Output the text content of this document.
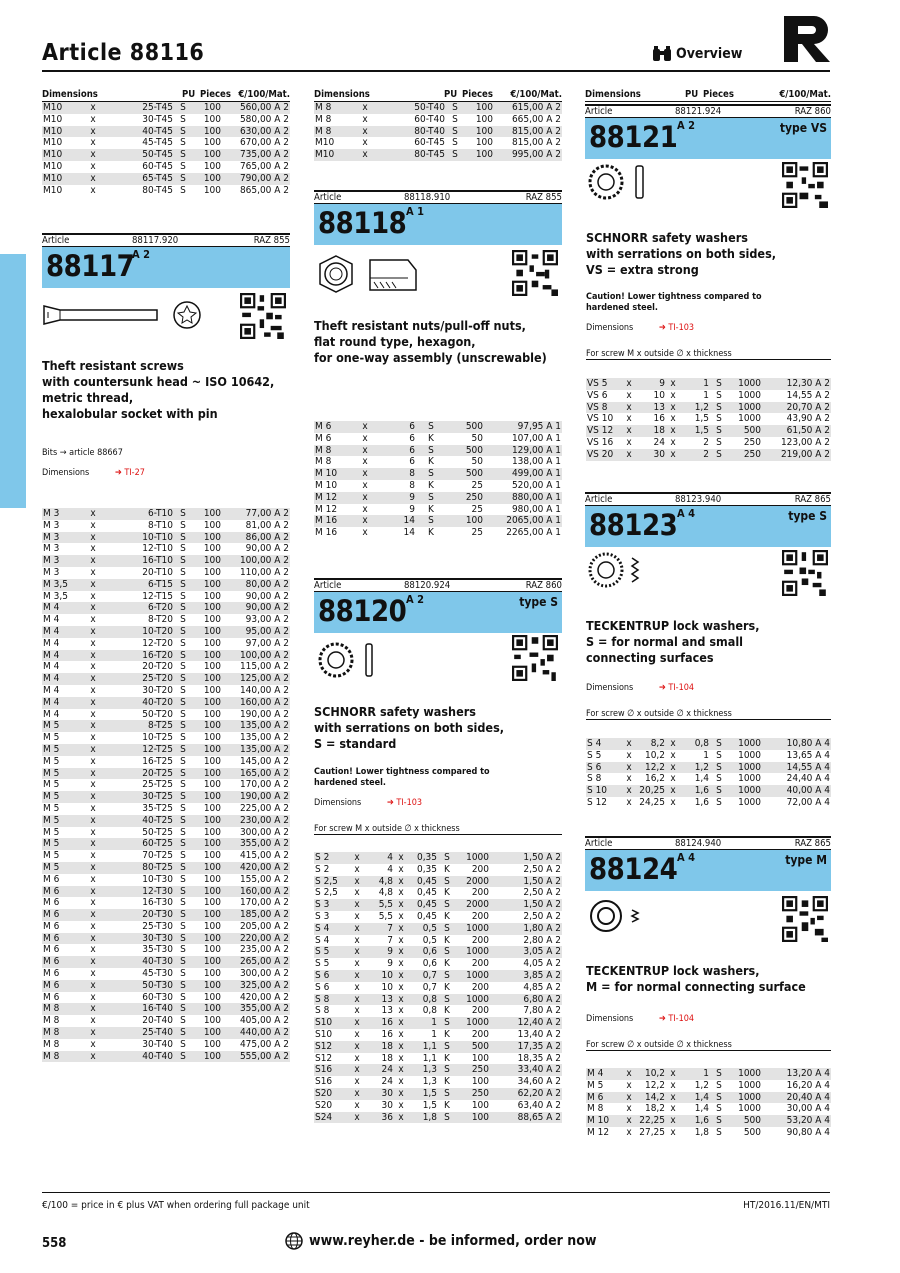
Article 88116	Overview
Dimensions	PU Pieces €/100/Mat.
M10	x	25-T45	S	100	560,00 A 2
M10	x	30-T45	S	100	580,00 A 2
M10	x	40-T45	S	100	630,00 A 2
M10	x	45-T45	S	100	670,00 A 2
M10	x	50-T45	S	100	735,00 A 2
M10	x	60-T45	S	100	765,00 A 2
M10	x	65-T45	S	100	790,00 A 2
M10	x	80-T45	S	100	865,00 A 2
Article	88117.920	RAZ 855
88117
A 2
Theft resistant screws
with countersunk head ~ ISO 10642,
metric thread,
hexalobular socket with pin
Bits → article 88667
Dimensions	➔ TI-27
M 3	x	6-T10	S	100	77,00 A 2
M 3	x	8-T10	S	100	81,00 A 2
M 3	x	10-T10	S	100	86,00 A 2
M 3	x	12-T10	S	100	90,00 A 2
M 3	x	16-T10	S	100	100,00 A 2
M 3	x	20-T10	S	100	110,00 A 2
M 3,5	x	6-T15	S	100	80,00 A 2
M 3,5	x	12-T15	S	100	90,00 A 2
M 4	x	6-T20	S	100	90,00 A 2
M 4	x	8-T20	S	100	93,00 A 2
M 4	x	10-T20	S	100	95,00 A 2
M 4	x	12-T20	S	100	97,00 A 2
M 4	x	16-T20	S	100	100,00 A 2
M 4	x	20-T20	S	100	115,00 A 2
M 4	x	25-T20	S	100	125,00 A 2
M 4	x	30-T20	S	100	140,00 A 2
M 4	x	40-T20	S	100	160,00 A 2
M 4	x	50-T20	S	100	190,00 A 2
M 5	x	8-T25	S	100	135,00 A 2
M 5	x	10-T25	S	100	135,00 A 2
M 5	x	12-T25	S	100	135,00 A 2
M 5	x	16-T25	S	100	145,00 A 2
M 5	x	20-T25	S	100	165,00 A 2
M 5	x	25-T25	S	100	170,00 A 2
M 5	x	30-T25	S	100	190,00 A 2
M 5	x	35-T25	S	100	225,00 A 2
M 5	x	40-T25	S	100	230,00 A 2
M 5	x	50-T25	S	100	300,00 A 2
M 5	x	60-T25	S	100	355,00 A 2
M 5	x	70-T25	S	100	415,00 A 2
M 5	x	80-T25	S	100	420,00 A 2
M 6	x	10-T30	S	100	155,00 A 2
M 6	x	12-T30	S	100	160,00 A 2
M 6	x	16-T30	S	100	170,00 A 2
M 6	x	20-T30	S	100	185,00 A 2
M 6	x	25-T30	S	100	205,00 A 2
M 6	x	30-T30	S	100	220,00 A 2
M 6	x	35-T30	S	100	235,00 A 2
M 6	x	40-T30	S	100	265,00 A 2
M 6	x	45-T30	S	100	300,00 A 2
M 6	x	50-T30	S	100	325,00 A 2
M 6	x	60-T30	S	100	420,00 A 2
M 8	x	16-T40	S	100	355,00 A 2
M 8	x	20-T40	S	100	405,00 A 2
M 8	x	25-T40	S	100	440,00 A 2
M 8	x	30-T40	S	100	475,00 A 2
M 8	x	40-T40	S	100	555,00 A 2
Dimensions	PU Pieces	€/100/Mat.
M 8	x	50-T40	S	100	615,00 A 2
M 8	x	60-T40	S	100	665,00 A 2
M 8	x	80-T40	S	100	815,00 A 2
M10	x	60-T45	S	100	815,00 A 2
M10	x	80-T45	S	100	995,00 A 2
Article	88118.910	RAZ 855
88118 A 1
Theft resistant nuts/pull-off nuts,
flat round type, hexagon,
for one-way assembly (unscrewable)
M 6	x	6	S	500	97,95 A 1
M 6	x	6	K	50	107,00 A 1
M 8	x	6	S	500	129,00 A 1
M 8	x	6	K	50	138,00 A 1
M 10	x	8	S	500	499,00 A 1
M 10	x	8	K	25	520,00 A 1
M 12	x	9	S	250	880,00 A 1
M 12	x	9	K	25	980,00 A 1
M 16	x	14	S	100	2065,00 A 1
M 16	x	14	K	25	2265,00 A 1
Article	88120.924	RAZ 860
88120 A 2	type S
SCHNORR safety washers
with serrations on both sides,
S = standard
Caution! Lower tightness compared to
hardened steel.
Dimensions	➔ TI-103
For screw M x outside ∅ x thickness
S 2	x	4	x	0,35	S	1000	1,50 A 2
S 2	x	4	x	0,35	K	200	2,50 A 2
S 2,5	x	4,8	x	0,45	S	2000	1,50 A 2
S 2,5	x	4,8	x	0,45	K	200	2,50 A 2
S 3	x	5,5	x	0,45	S	2000	1,50 A 2
S 3	x	5,5	x	0,45	K	200	2,50 A 2
S 4	x	7	x	0,5	S	1000	1,80 A 2
S 4	x	7	x	0,5	K	200	2,80 A 2
S 5	x	9	x	0,6	S	1000	3,05 A 2
S 5	x	9	x	0,6	K	200	4,05 A 2
S 6	x	10	x	0,7	S	1000	3,85 A 2
S 6	x	10	x	0,7	K	200	4,85 A 2
S 8	x	13	x	0,8	S	1000	6,80 A 2
S 8	x	13	x	0,8	K	200	7,80 A 2
S10	x	16	x	1	S	1000	12,40 A 2
S10	x	16	x	1	K	200	13,40 A 2
S12	x	18	x	1,1	S	500	17,35 A 2
S12	x	18	x	1,1	K	100	18,35 A 2
S16	x	24	x	1,3	S	250	33,40 A 2
S16	x	24	x	1,3	K	100	34,60 A 2
S20	x	30	x	1,5	S	250	62,20 A 2
S20	x	30	x	1,5	K	100	63,40 A 2
S24	x	36	x	1,8	S	100	88,65 A 2
Dimensions	PU Pieces	€/100/Mat.
Article	88121.924	RAZ 860
88121 A 2	type VS
SCHNORR safety washers
with serrations on both sides,
VS = extra strong
Caution! Lower tightness compared to
hardened steel.
Dimensions	➔ TI-103
For screw M x outside ∅ x thickness
VS 5	x	9	x	1	S	1000	12,30 A 2
VS 6	x	10	x	1	S	1000	14,55 A 2
VS 8	x	13	x	1,2	S	1000	20,70 A 2
VS 10	x	16	x	1,5	S	1000	43,90 A 2
VS 12	x	18	x	1,5	S	500	61,50 A 2
VS 16	x	24	x	2	S	250	123,00 A 2
VS 20	x	30	x	2	S	250	219,00 A 2
Article	88123.940	RAZ 865
88123 A 4	type S
TECKENTRUP lock washers,
S = for normal and small
connecting surfaces
Dimensions	➔ TI-104
For screw ∅ x outside ∅ x thickness
S 4	x	8,2	x	0,8	S	1000	10,80 A 4
S 5	x	10,2	x	1	S	1000	13,65 A 4
S 6	x	12,2	x	1,2	S	1000	14,55 A 4
S 8	x	16,2	x	1,4	S	1000	24,40 A 4
S 10	x	20,25	x	1,6	S	1000	40,00 A 4
S 12	x	24,25	x	1,6	S	1000	72,00 A 4
Article	88124.940	RAZ 865
88124 A 4	type M
TECKENTRUP lock washers,
M = for normal connecting surface
Dimensions	➔ TI-104
For screw ∅ x outside ∅ x thickness
M 4	x	10,2	x	1	S	1000	13,20 A 4
M 5	x	12,2	x	1,2	S	1000	16,20 A 4
M 6	x	14,2	x	1,4	S	1000	20,40 A 4
M 8	x	18,2	x	1,4	S	1000	30,00 A 4
M 10	x	22,25	x	1,6	S	500	53,20 A 4
M 12	x	27,25	x	1,8	S	500	90,80 A 4
€/100 = price in € plus VAT when ordering full package unit	HT/2016.11/EN/MTI
558	www.reyher.de - be informed, order now
